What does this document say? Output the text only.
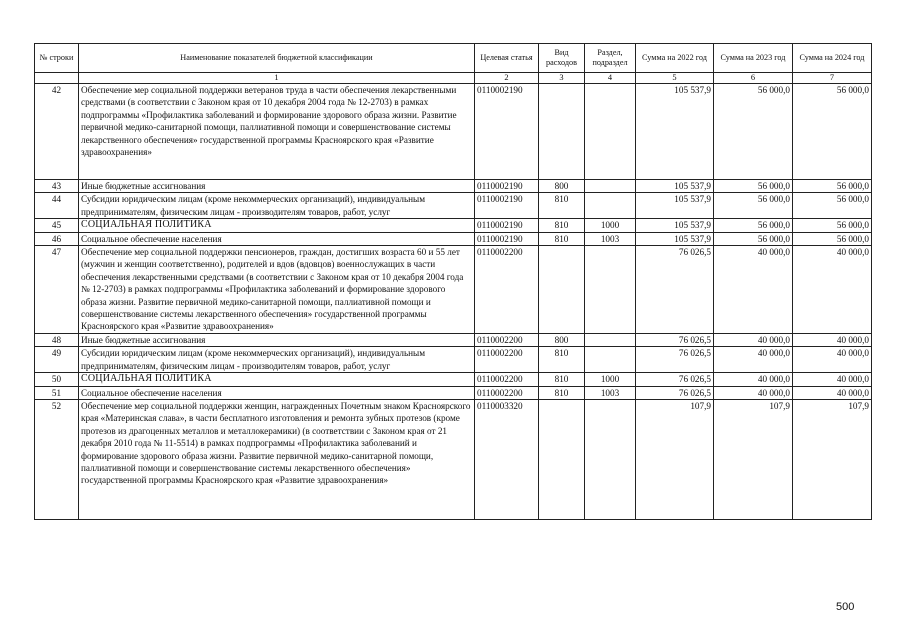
№ строки	Наименование показателей бюджетной классификации	Целевая статья	Вид расходов	Раздел, подраздел	Сумма на 2022 год	Сумма на 2023 год	Сумма на 2024 год
	1	2	3	4	5	6	7
42	Обеспечение мер социальной поддержки ветеранов труда в части обеспечения лекарственными средствами (в соответствии с Законом края от 10 декабря 2004 года № 12-2703) в рамках подпрограммы «Профилактика заболеваний и формирование здорового образа жизни. Развитие первичной медико-санитарной помощи, паллиативной помощи и совершенствование системы лекарственного обеспечения» государственной программы Красноярского края «Развитие здравоохранения»	0110002190			105 537,9	56 000,0	56 000,0
43	Иные бюджетные ассигнования	0110002190	800		105 537,9	56 000,0	56 000,0
44	Субсидии юридическим лицам (кроме некоммерческих организаций), индивидуальным предпринимателям, физическим лицам - производителям товаров, работ, услуг	0110002190	810		105 537,9	56 000,0	56 000,0
45	СОЦИАЛЬНАЯ ПОЛИТИКА	0110002190	810	1000	105 537,9	56 000,0	56 000,0
46	Социальное обеспечение населения	0110002190	810	1003	105 537,9	56 000,0	56 000,0
47	Обеспечение мер социальной поддержки пенсионеров, граждан, достигших возраста 60 и 55 лет (мужчин и женщин соответственно), родителей и вдов (вдовцов) военнослужащих в части обеспечения лекарственными средствами (в соответствии с Законом края от 10 декабря 2004 года № 12-2703) в рамках подпрограммы «Профилактика заболеваний и формирование здорового образа жизни. Развитие первичной медико-санитарной помощи, паллиативной помощи и совершенствование системы лекарственного обеспечения» государственной программы Красноярского края «Развитие здравоохранения»	0110002200			76 026,5	40 000,0	40 000,0
48	Иные бюджетные ассигнования	0110002200	800		76 026,5	40 000,0	40 000,0
49	Субсидии юридическим лицам (кроме некоммерческих организаций), индивидуальным предпринимателям, физическим лицам - производителям товаров, работ, услуг	0110002200	810		76 026,5	40 000,0	40 000,0
50	СОЦИАЛЬНАЯ ПОЛИТИКА	0110002200	810	1000	76 026,5	40 000,0	40 000,0
51	Социальное обеспечение населения	0110002200	810	1003	76 026,5	40 000,0	40 000,0
52	Обеспечение мер социальной поддержки женщин, награжденных Почетным знаком Красноярского края «Материнская слава», в части бесплатного изготовления и ремонта зубных протезов (кроме протезов из драгоценных металлов и металлокерамики) (в соответствии с Законом края от 21 декабря 2010 года № 11-5514) в рамках подпрограммы «Профилактика заболеваний и формирование здорового образа жизни. Развитие первичной медико-санитарной помощи, паллиативной помощи и совершенствование системы лекарственного обеспечения» государственной программы Красноярского края «Развитие здравоохранения»	0110003320			107,9	107,9	107,9
500
